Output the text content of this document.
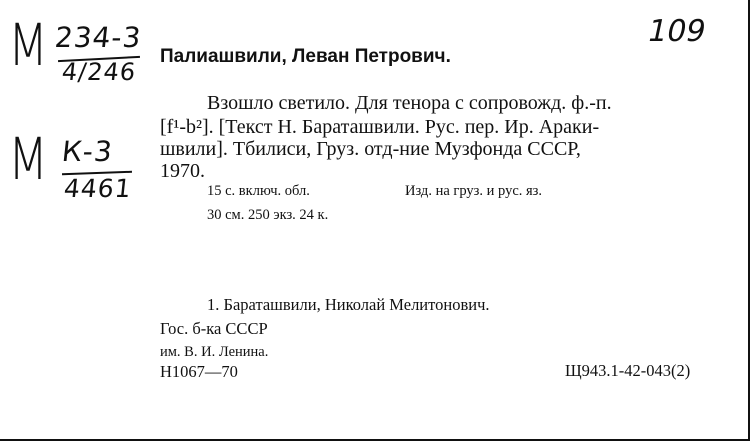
М 234-3
4/246
М К-3
4461
109
Палиашвили, Леван Петрович.
Взошло светило. Для тенора с сопровожд. ф.-п.
[f¹-b²]. [Текст Н. Бараташвили. Рус. пер. Ир. Араки-
швили]. Тбилиси, Груз. отд-ние Музфонда СССР,
1970.
15 с. включ. обл.	Изд. на груз. и рус. яз.
30 см. 250 экз. 24 к.
1. Бараташвили, Николай Мелитонович.
Гос. б-ка СССР
им. В. И. Ленина.
Н1067—70	Щ943.1-42-043(2)
